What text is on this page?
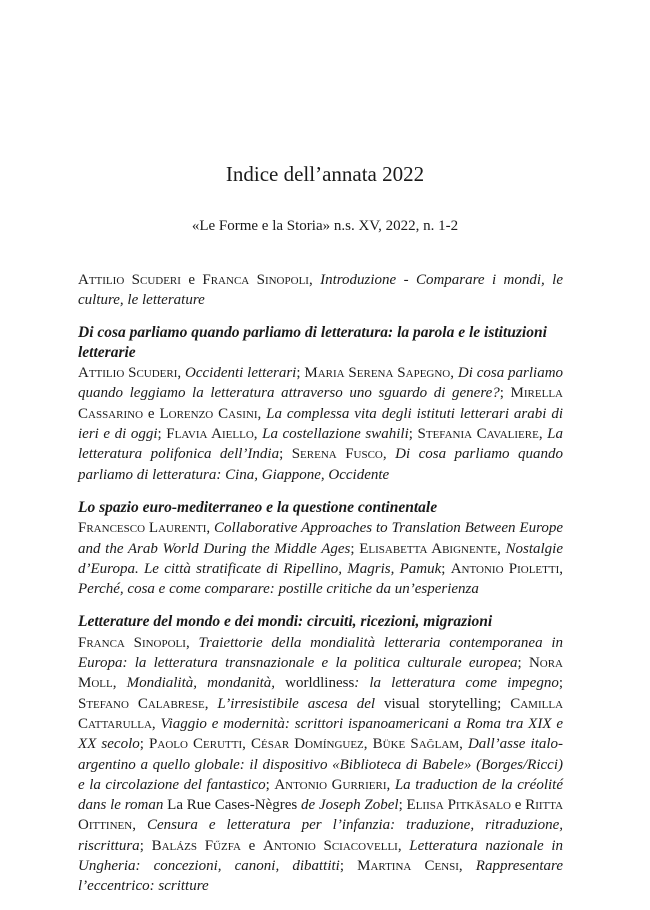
Indice dell’annata 2022

«Le Forme e la Storia» n.s. XV, 2022, n. 1-2

Attilio Scuderi e Franca Sinopoli, Introduzione - Comparare i mondi, le culture, le letterature

Di cosa parliamo quando parliamo di letteratura: la parola e le istituzioni letterarie

Attilio Scuderi, Occidenti letterari; Maria Serena Sapegno, Di cosa parliamo quando leggiamo la letteratura attraverso uno sguardo di genere?; Mirella Cassarino e Lorenzo Casini, La complessa vita degli istituti letterari arabi di ieri e di oggi; Flavia Aiello, La costellazione swahili; Stefania Cavaliere, La letteratura polifonica dell’India; Serena Fusco, Di cosa parliamo quando parliamo di letteratura: Cina, Giappone, Occidente

Lo spazio euro-mediterraneo e la questione continentale

Francesco Laurenti, Collaborative Approaches to Translation Between Europe and the Arab World During the Middle Ages; Elisabetta Abignente, Nostalgie d’Europa. Le città stratificate di Ripellino, Magris, Pamuk; Antonio Pioletti, Perché, cosa e come comparare: postille critiche da un’esperienza

Letterature del mondo e dei mondi: circuiti, ricezioni, migrazioni

Franca Sinopoli, Traiettorie della mondialità letteraria contemporanea in Europa: la letteratura transnazionale e la politica culturale europea; Nora Moll, Mondialità, mondanità, worldliness: la letteratura come impegno; Stefano Calabrese, L’irresistibile ascesa del visual storytelling; Camilla Cattarulla, Viaggio e modernità: scrittori ispanoamericani a Roma tra XIX e XX secolo; Paolo Cerutti, César Domínguez, Büke Sağlam, Dall’asse italo-argentino a quello globale: il dispositivo «Biblioteca di Babele» (Borges/Ricci) e la circolazione del fantastico; Antonio Gurrieri, La traduction de la créolité dans le roman La Rue Cases-Nègres de Joseph Zobel; Eliisa Pitkäsalo e Riitta Oittinen, Censura e letteratura per l’infanzia: traduzione, ritraduzione, riscrittura; Balázs Fűzfa e Antonio Sciacovelli, Letteratura nazionale in Ungheria: concezioni, canoni, dibattiti; Martina Censi, Rappresentare l’eccentrico: scritture
